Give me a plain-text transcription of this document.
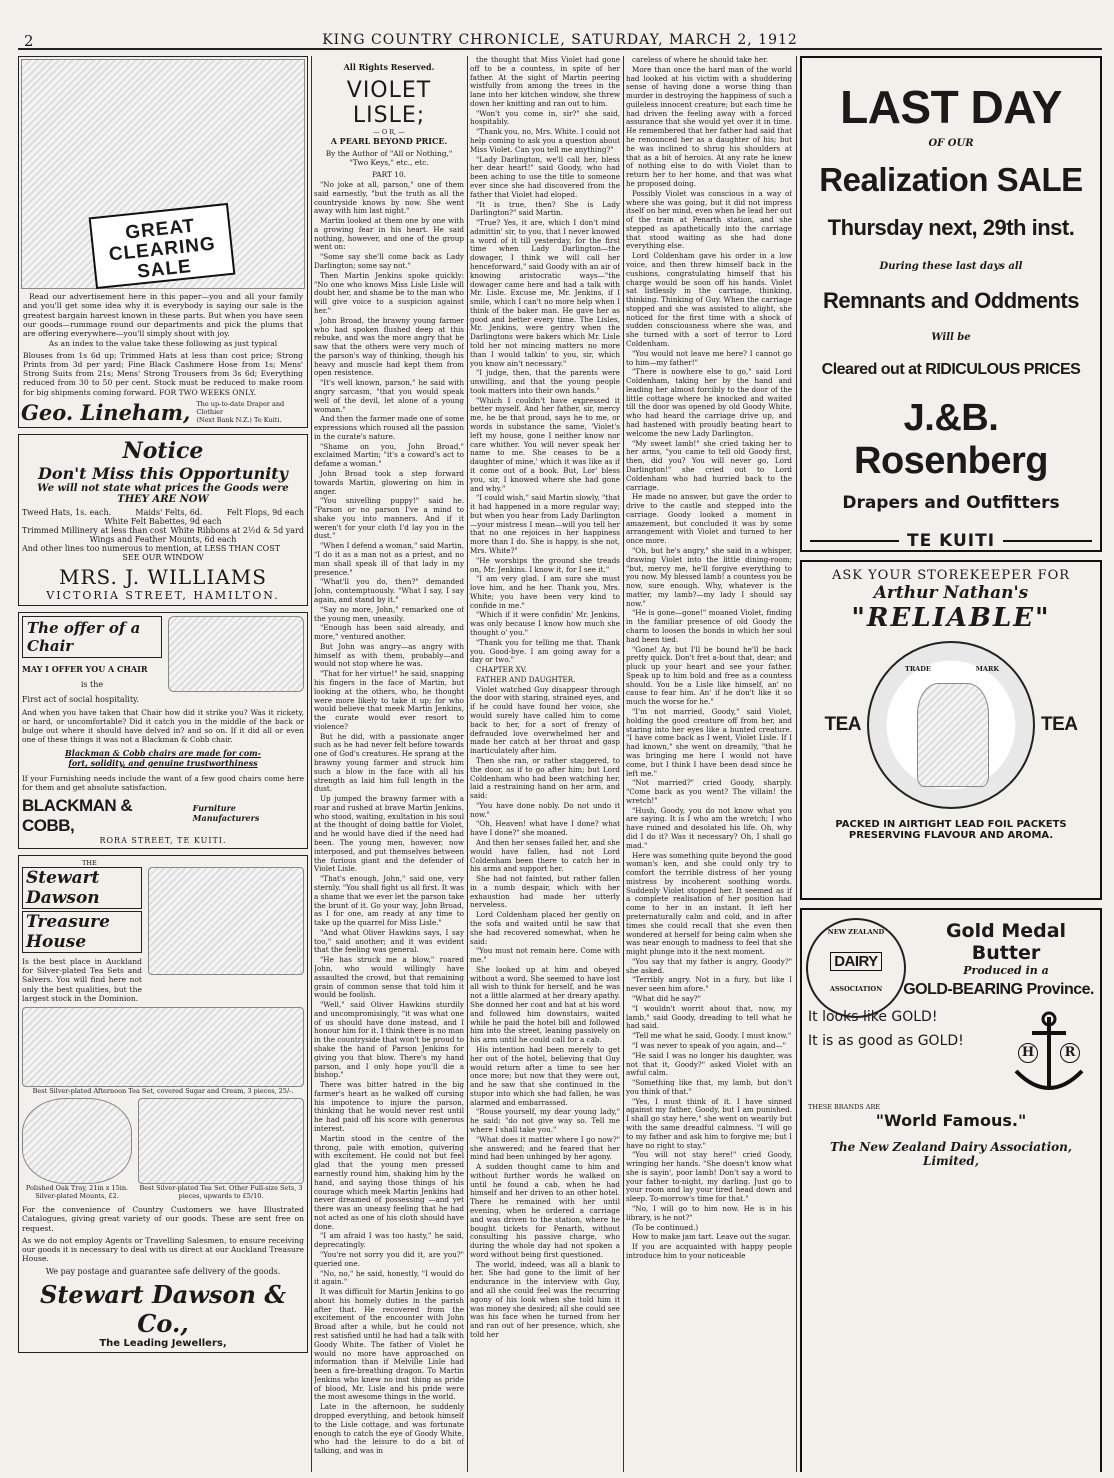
2	KING COUNTRY CHRONICLE, SATURDAY, MARCH 2, 1912
GREAT CLEARING SALE

Read our advertisement here in this paper—you and all your family and you'll get some idea why it is everybody is saying our sale is the greatest bargain harvest known in these parts. But when you have seen our goods—rummage round our departments and pick the plums that are offering everywhere—you'll simply shout with joy.

As an index to the value take these following as just typical

Blouses from 1s 6d up; Trimmed Hats at less than cost price; Strong Prints from 3d per yard; Fine Black Cashmere Hose from 1s; Mens' Strong Suits from 21s; Mens' Strong Trousers from 3s 6d; Everything reduced from 30 to 50 per cent. Stock must be reduced to make room for big shipments coming forward. FOR TWO WEEKS ONLY.

Geo. Lineham, The up-to-date Draper and Clothier
(Next Bank N.Z.) Te Kuiti.
Notice
Don't Miss this Opportunity
We will not state what prices the Goods were
THEY ARE NOW
Tweed Hats, 1s. each.	Maids' Felts, 6d.	Felt Flops, 9d each
White Felt Babettes, 9d each
Trimmed Millinery at less than cost White Ribbons at 2½d & 5d yard
Wings and Feather Mounts, 6d each
And other lines too numerous to mention, at LESS THAN COST
SEE OUR WINDOW
MRS. J. WILLIAMS
VICTORIA STREET, HAMILTON.
The offer of a Chair
MAY I OFFER YOU A CHAIR
is the
First act of social hospitality.
And when you have taken that Chair how did it strike you? Was it rickety, or hard, or uncomfortable? Did it catch you in the middle of the back or bulge out where it should have delved in? and so on. If it did all or even one of these things it was not a Blackman & Cobb chair.
Blackman & Cobb chairs are made for com-
fort, solidity, and genuine trustworthiness
If your Furnishing needs include the want of a few good chairs come here for them and get absolute satisfaction.
BLACKMAN & COBB,
Furniture Manufacturers
RORA STREET, TE KUITI.
THE
Stewart Dawson
Treasure House
Is the best place in Auckland for Silver-plated Tea Sets and Salvers. You will find here not only the best qualities, but the largest stock in the Dominion.
Best Silver-plated Afternoon Tea Set, covered Sugar and Cream, 3 pieces, 25/-.
Polished Oak Tray, 21in x 15in. Silver-plated Mounts, £2.
Best Silver-plated Tea Set. Other Full-size Sets, 3 pieces, upwards to £5/10.
For the convenience of Country Customers we have Illustrated Catalogues, giving great variety of our goods. These are sent free on request.
As we do not employ Agents or Travelling Salesmen, to ensure receiving our goods it is necessary to deal with us direct at our Auckland Treasure House.
We pay postage and guarantee safe delivery of the goods.
Stewart Dawson & Co.,
The Leading Jewellers,
All Rights Reserved.
VIOLET LISLE;
— O R, —
A PEARL BEYOND PRICE.
By the Author of "All or Nothing," "Two Keys," etc., etc.
PART 10.

"No joke at all, parson," one of them said earnestly, "but the truth as all the countryside knows by now. She went away with him last night."

Martin looked at them one by one with a growing fear in his heart. He said nothing, however, and one of the group went on:

"Some say she'll come back as Lady Darlington; some say not."

Then Martin Jenkins spoke quickly: "No one who knows Miss Lisle Lisle will doubt her, and shame be to the man who will give voice to a suspicion against her."

John Broad, the brawny young farmer who had spoken flushed deep at this rebuke, and was the more angry that he saw that the others were very much of the parson's way of thinking, though his heavy and muscle had kept them from open resistence.

"It's well known, parson," he said with angry sarcasm, "that you would speak well of the devil, let alone of a young woman."

And then the farmer made one of some expressions which roused all the passion in the curate's nature.

"Shame on you, John Broad," exclaimed Martin; "it's a coward's act to defame a woman."

John Broad took a step forward towards Martin, glowering on him in anger.

"You snivelling puppy!" said he. "Parson or no parson I've a mind to shake you into manners. And if it weren't for your cloth I'd lay you in the dust."

"When I defend a woman," said Martin, "I do it as a man not as a priest, and no man shall speak ill of that lady in my presence."

"What'll you do, then?" demanded John, contemptuously. "What I say, I say again, and stand by it."

"Say no more, John," remarked one of the young men, uneasily.

"Enough has been said already, and more," ventured another.

But John was angry—as angry with himself as with them, probably—and would not stop where he was.

"That for her virtue!" he said, snapping his fingers in the face of Martin, but looking at the others, who, he thought were more likely to take it up; for who would believe that meek Martin Jenkins, the curate would ever resort to violence?

But he did, with a passionate anger such as he had never felt before towards one of God's creatures. He sprang at the brawny young farmer and struck him such a blow in the face with all his strength as laid him full length in the dust.

Up jumped the brawny farmer with a roar and rushed at brave Martin Jenkins, who stood, waiting, exultation in his soul at the thought of doing battle for Violet, and he would have died if the need had been. The young men, however, now interposed, and put themselves between the furious giant and the defender of Violet Lisle.

"That's enough, John," said one, very sternly. "You shall fight us all first. It was a shame that we ever let the parson take the brunt of it. Go your way, John Broad, as I for one, am ready at any time to take up the quarrel for Miss Lisle."

"And what Oliver Hawkins says, I say too," said another; and it was evident that the feeling was general.

"He has struck me a blow," roared John, who would willingly have assaulted the crowd, but that remaining grain of common sense that told him it would be foolish.

"Well," said Oliver Hawkins sturdily and uncompromisingly, "it was what one of us should have done instead, and I honour him for it. I think there is no man in the countryside that won't be proud to shake the hand of Parson Jenkins for giving you that blow. There's my hand parson, and I only hope you'll die a bishop."

There was bitter hatred in the big farmer's heart as he walked off cursing his impotence to injure the parson, thinking that he would never rest until he had paid off his score with generous interest.

Martin stood in the centre of the throng, pale with emotion, quivering with excitement. He could not but feel glad that the young men pressed earnestly round him, shaking him by the hand, and saying those things of his courage which meek Martin Jenkins had never dreamed of possessing —and yet there was an uneasy feeling that he had not acted as one of his cloth should have done.

"I am afraid I was too hasty," he said, deprecatingly.

"You're not sorry you did it, are you?" queried one.

"No, no," he said, honestly, "I would do it again."

It was difficult for Martin Jenkins to go about his homely duties in the parish after that. He recovered from the excitement of the encounter with John Broad after a while, but he could not rest satisfied until he had had a talk with Goody White. The father of Violet he would no more have approached on information than if Melville Lisle had been a fire-breathing dragon. To Martin Jenkins who knew no inst thing as pride of blood, Mr. Lisle and his pride were the most awesome things in the world.

Late in the afternoon, he suddenly dropped everything, and betook himself to the Lisle cottage, and was fortunate enough to catch the eye of Goody White, who had the leisure to do a bit of talking, and was in

the thought that Miss Violet had gone off to be a countess, in spite of her father. At the sight of Martin peering wistfully from among the trees in the lane into her kitchen window, she threw down her knitting and ran out to him.

"Won't you come in, sir?" she said, hospitably.

"Thank you, no, Mrs. White. I could not help coming to ask you a question about Miss Violet. Can you tell me anything?"

"Lady Darlington, we'll call her, bless her dear heart!" said Goody, who had been aching to use the title to someone ever since she had discovered from the father that Violet had eloped.

"It is true, then? She is Lady Darlington?" said Martin.

"True? Yes, it are, which I don't mind admittin' sir, to you, that I never knowed a word of it till yesterday, for the first time when Lady Darlington—the dowager, I think we will call her henceforward," said Goody with an air of knowing aristocratic ways—"the dowager came here and had a talk with Mr. Lisle. Excuse me, Mr. Jenkins, if I smile, which I can't no more help when I think of the baker man. He gave her as good and better every time. The Lisles, Mr. Jenkins, were gentry when the Darlingtons were bakers which Mr. Lisle told her not mincing matters no more than I would talkin' to you, sir, which you know ain't necessary."

"I judge, then, that the parents were unwilling, and that the young people took matters into their own hands."

"Which I couldn't have expressed it better myself. And her father, sir, mercy me, he be that proud, says he to me, or words in substance the same, 'Violet's left my house, gone I neither know nor care whither. You will never speak her name to me. She ceases to be a daughter of mine,' which it was like as if it come out of a book. But, Lor' bless you, sir, I knowed where she had gone and why."

"I could wish," said Martin slowly, "that it had happened in a more regular way; but when you hear from Lady Darlington—your mistress I mean—will you tell her that no one rejoices in her happiness more than I do. She is happy, is she not, Mrs. White?"

"He worships the ground she treads on, Mr. Jenkins. I know it, for I see it."

"I am very glad. I am sure she must love him, and he her. Thank you, Mrs. White; you have been very kind to confide in me."

"Which if it were confidin' Mr. Jenkins, was only because I know how much she thought o' you."

"Thank you for telling me that. Thank you. Good-bye. I am going away for a day or two."

CHAPTER XV.

FATHER AND DAUGHTER.

Violet watched Guy disappear through the door with staring, strained eyes, and if he could have found her voice, she would surely have called him to come back to her, for a sort of frenzy of defrauded love overwhelmed her and made her catch at her throat and gasp inarticulately after him.

Then she ran, or rather staggered, to the door, as if to go after him; but Lord Coldenham who had been watching her, laid a restraining hand on her arm, and said:

"You have done nobly. Do not undo it now."

"Oh, Heaven! what have I done? what have I done?" she moaned.

And then her senses failed her, and she would have fallen, had not Lord Coldenham been there to catch her in his arms and support her.

She had not fainted, but rather fallen in a numb despair, which with her exhaustion had made her utterly nerveless.

Lord Coldenham placed her gently on the sofa and waited until he saw that she had recovered somewhat, when he said:

"You must not remain here. Come with me."

She looked up at him and obeyed without a word. She seemed to have lost all wish to think for herself, and he was not a little alarmed at her dreary apathy. She donned her coat and hat at his word and followed him downstairs, waited while he paid the hotel bill and followed him into the street, leaning passively on his arm until he could call for a cab.

His intention had been merely to get her out of the hotel, believing that Guy would return after a time to see her once more; but now that they were out, and he saw that she continued in the stupor into which she had fallen, he was alarmed and embarrassed.

"Rouse yourself, my dear young lady," he said; "do not give way so. Tell me where I shall take you."

"What does it matter where I go now?" she answered; and he feared that her mind had been unhinged by her agony.

A sudden thought came to him and without further words he walked on until he found a cab, when he had himself and her driven to an other hotel. There he remained with her until evening, when he ordered a carriage and was driven to the station, where he bought tickets for Penarth, without consulting his passive charge, who during the whole day had not spoken a word without being first questioned.

The world, indeed, was all a blank to her. She had gone to the limit of her endurance in the interview with Guy, and all she could feel was the recurring agony of his look when she told him it was money she desired; all she could see was his face when he turned from her and ran out of her presence, which, she told her

careless of where he should take her.

More than once the hard man of the world had looked at his victim with a shuddering sense of having done a worse thing than murder in destroying the happiness of such a guileless innocent creature; but each time he had driven the feeling away with a forced assurance that she would yet over it in time. He remembered that her father had said that he renounced her as a daughter of his; but he was inclined to shrug his shoulders at that as a bit of heroics. At any rate he knew of nothing else to do with Violet than to return her to her home, and that was what he proposed doing.

Possibly Violet was conscious in a way of where she was going, but it did not impress itself on her mind, even when he lead her out of the train at Penarth station, and she stepped as apathetically into the carriage that stood waiting as she had done everything else.

Lord Coldenham gave his order in a low voice, and then threw himself back in the cushions, congratulating himself that his charge would be soon off his hands. Violet sat listlessly in the carriage, thinking, thinking. Thinking of Guy. When the carriage stopped and she was assisted to alight, she noticed for the first time with a shock of sudden consciousness where she was, and she turned with a sort of terror to Lord Coldenham.

"You would not leave me here? I cannot go to him—my father!"

"There is nowhere else to go," said Lord Coldenham, taking her by the hand and leading her almost forcibly to the door of the little cottage where he knocked and waited till the door was opened by old Goody White, who had heard the carriage drive up, and had hastened with proudly beating heart to welcome the new Lady Darlington.

"My sweet lamb!" she cried taking her to her arms, "you came to tell old Goody first, then, did you? You will never go, Lord Darlington!" she cried out to Lord Coldenham who had hurried back to the carriage.

He made no answer, but gave the order to drive to the castle and stepped into the carriage. Goody looked a moment in amazement, but concluded it was by some arrangement with Violet and turned to her once more.

"Oh, but he's angry," she said in a whisper, drawing Violet into the little dining-room; "but, mercy me, he'll forgive everything to you now. My blessed lamb! a countess you be now, sure enough. Why, whatever is the matter, my lamb?—my lady I should say now."

"He is gone—gone!" moaned Violet, finding in the familiar presence of old Goody the charm to loosen the bonds in which her soul had been tied.

"Gone! Ay, but I'll be bound he'll be back pretty quick. Don't fret a-bout that, dear; and pluck up your heart and see your father. Speak up to him bold and free as a countess should. You be a Lisle like himself, an' no cause to fear him. An' if he don't like it so much the worse for he."

"I'm not married, Goody," said Violet, holding the good creature off from her, and staring into her eyes like a hunted creature. "I have come back as I went, Violet Lisle. If I had known," she went on dreamily, "that he was bringing me here I would not have come, but I think I have been dead since he left me."

"Not married?" cried Goody, sharply. "Come back as you went? The villain! the wretch!"

"Hush, Goody, you do not know what you are saying. It is I who am the wretch; I who have ruined and desolated his life. Oh, why did I do it? Was it necessary? Oh, I shall go mad."

Here was something quite beyond the good woman's ken, and she could only try to comfort the terrible distress of her young mistress by incoherent soothing words. Suddenly Violet stopped her. It seemed as if a complete realisation of her position had come to her in an instant. It left her preternaturally calm and cold, and in after times she could recall that she even then wondered at herself for being calm when she was near enough to madness to feel that she might plunge into it the next moment.

"You say that my father is angry, Goody?" she asked.

"Terribly angry. Not in a fury, but like I never seen him afore."

"What did he say?"

"I wouldn't worrit about that, now, my lamb," said Goody, dreading to tell what he had said.

"Tell me what he said, Goody. I must know."

"I was never to speak of you again, and—"

"He said I was no longer his daughter, was not that it, Goody?" asked Violet with an awful calm.

"Something like that, my lamb, but don't you think of that."

"Yes, I must think of it. I have sinned against my father, Goody, but I am punished. I shall go stay here," she went on wearily but with the same dreadful calmness. "I will go to my father and ask him to forgive me; but I have no right to stay."

"You will not stay here!" cried Goody, wringing her hands. "She doesn't know what she is sayin', poor lamb! Don't say a word to your father to-night, my darling. Just go to your room and lay your tired head down and sleep. To-morrow's time for that."

"No, I will go to him now. He is in his library, is he not?"

(To be continued.)

How to make jam tart. Leave out the sugar.

If you are acquainted with happy people introduce him to your noticeable

LAST DAY
OF OUR
Realization SALE
Thursday next, 29th inst.
During these last days all
Remnants and Oddments
Will be
Cleared out at RIDICULOUS PRICES
J.&B. Rosenberg
Drapers and Outfitters
TE KUITI
ASK YOUR STOREKEEPER FOR
Arthur Nathan's
"RELIABLE"
TEA
TRADE	MARK
TEA
PACKED IN AIRTIGHT LEAD FOIL PACKETS PRESERVING FLAVOUR AND AROMA.
NEW ZEALAND
DAIRY
ASSOCIATION
Gold Medal
Butter
Produced in a
GOLD-BEARING Province.
It looks like GOLD!
It is as good as GOLD!
H	R
THESE BRANDS ARE
"World Famous."
The New Zealand Dairy Association, Limited,
